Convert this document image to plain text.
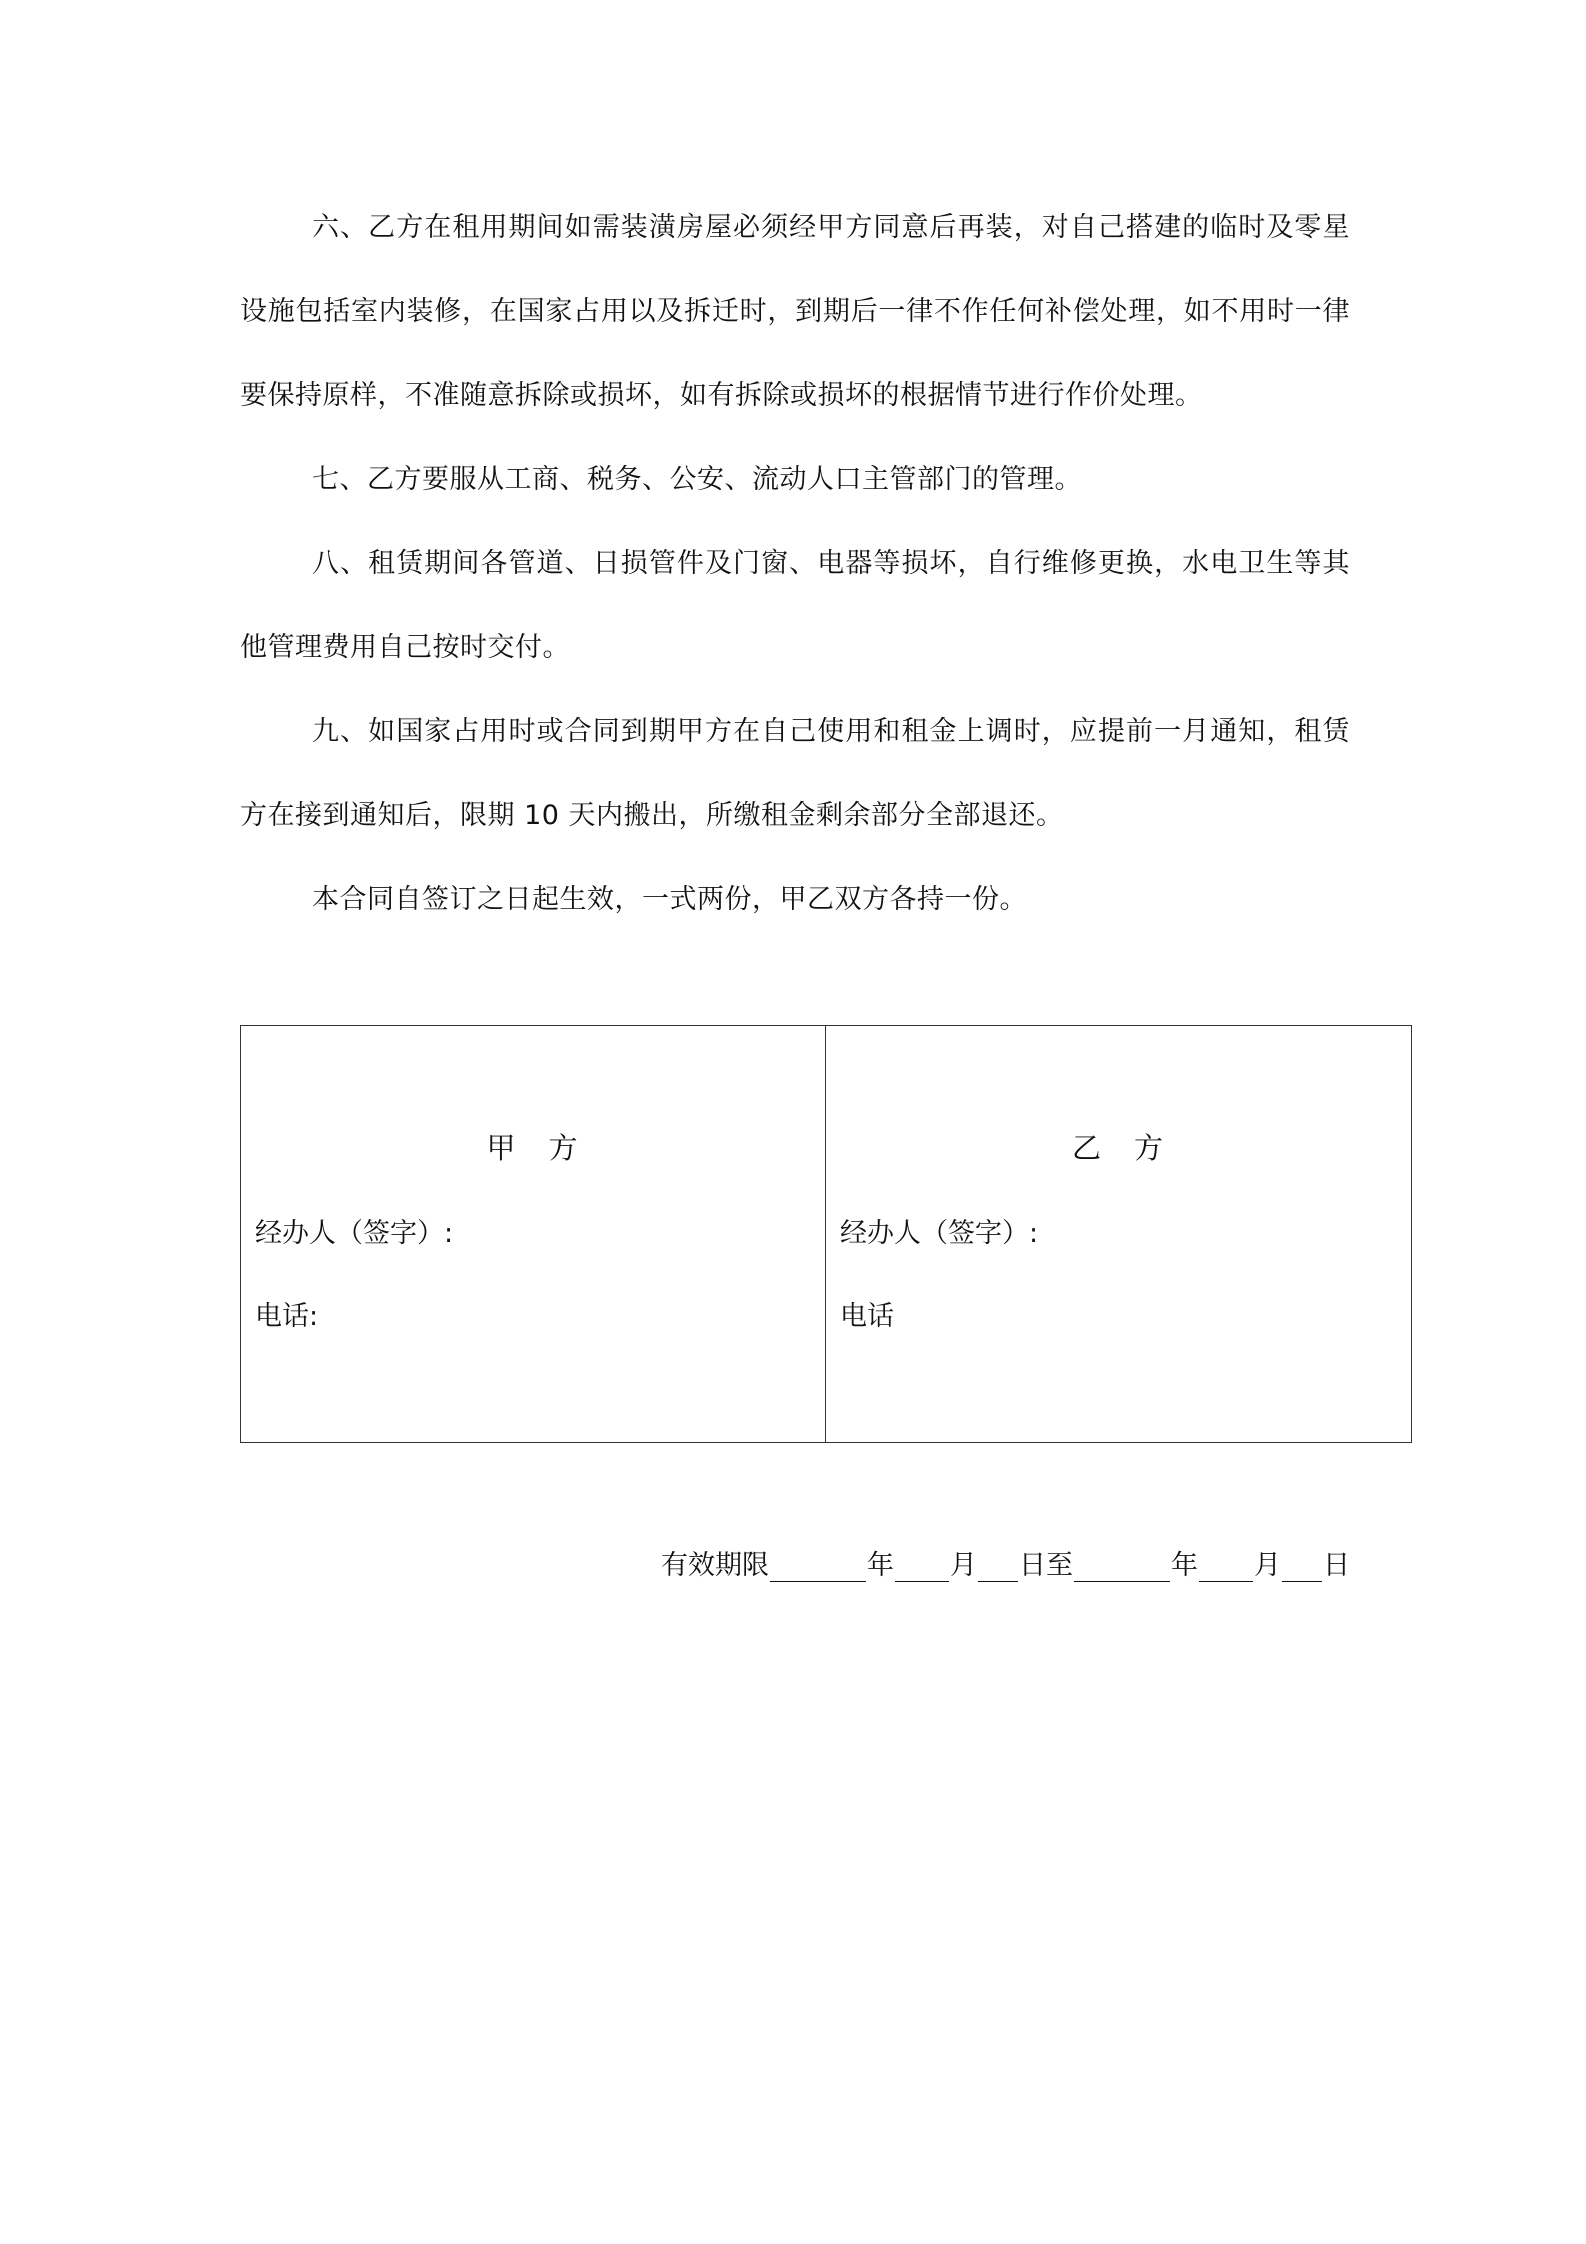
六、乙方在租用期间如需装潢房屋必须经甲方同意后再装，对自己搭建的临时及零星设施包括室内装修，在国家占用以及拆迁时，到期后一律不作任何补偿处理，如不用时一律要保持原样，不准随意拆除或损坏，如有拆除或损坏的根据情节进行作价处理。

七、乙方要服从工商、税务、公安、流动人口主管部门的管理。

八、租赁期间各管道、日损管件及门窗、电器等损坏，自行维修更换，水电卫生等其他管理费用自己按时交付。

九、如国家占用时或合同到期甲方在自己使用和租金上调时，应提前一月通知，租赁方在接到通知后，限期 10 天内搬出，所缴租金剩余部分全部退还。

本合同自签订之日起生效，一式两份，甲乙双方各持一份。

甲　方
经办人（签字）:
电话:
乙　方
经办人（签字）:
电话
有效期限	年 月 日至	年 月 日
